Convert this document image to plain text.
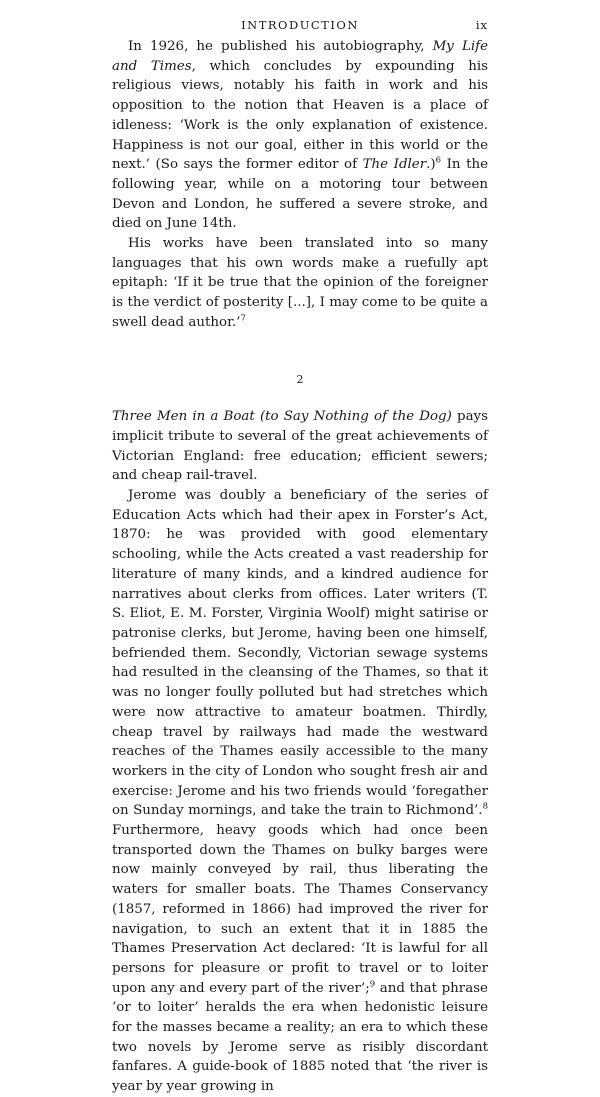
INTRODUCTION	ix

In 1926, he published his autobiography, My Life and Times, which concludes by expounding his religious views, notably his faith in work and his opposition to the notion that Heaven is a place of idleness: ‘Work is the only explanation of existence. Happiness is not our goal, either in this world or the next.’ (So says the former editor of The Idler.)$^6$ In the following year, while on a motoring tour between Devon and London, he suffered a severe stroke, and died on June 14th.

His works have been translated into so many languages that his own words make a ruefully apt epitaph: ‘If it be true that the opinion of the foreigner is the verdict of posterity [...], I may come to be quite a swell dead author.’$^7$

2

Three Men in a Boat (to Say Nothing of the Dog) pays implicit tribute to several of the great achievements of Victorian England: free education; efficient sewers; and cheap rail-travel.

Jerome was doubly a beneficiary of the series of Education Acts which had their apex in Forster’s Act, 1870: he was provided with good elementary schooling, while the Acts created a vast readership for literature of many kinds, and a kindred audience for narratives about clerks from offices. Later writers (T. S. Eliot, E. M. Forster, Virginia Woolf) might satirise or patronise clerks, but Jerome, having been one himself, befriended them. Secondly, Victorian sewage systems had resulted in the cleansing of the Thames, so that it was no longer foully polluted but had stretches which were now attractive to amateur boatmen. Thirdly, cheap travel by railways had made the westward reaches of the Thames easily accessible to the many workers in the city of London who sought fresh air and exercise: Jerome and his two friends would ‘foregather on Sunday mornings, and take the train to Richmond’.$^8$ Furthermore, heavy goods which had once been transported down the Thames on bulky barges were now mainly conveyed by rail, thus liberating the waters for smaller boats. The Thames Conservancy (1857, reformed in 1866) had improved the river for navigation, to such an extent that it in 1885 the Thames Preservation Act declared: ‘It is lawful for all persons for pleasure or profit to travel or to loiter upon any and every part of the river’;$^9$ and that phrase ‘or to loiter’ heralds the era when hedonistic leisure for the masses became a reality; an era to which these two novels by Jerome serve as risibly discordant fanfares. A guide-book of 1885 noted that ‘the river is year by year growing in
